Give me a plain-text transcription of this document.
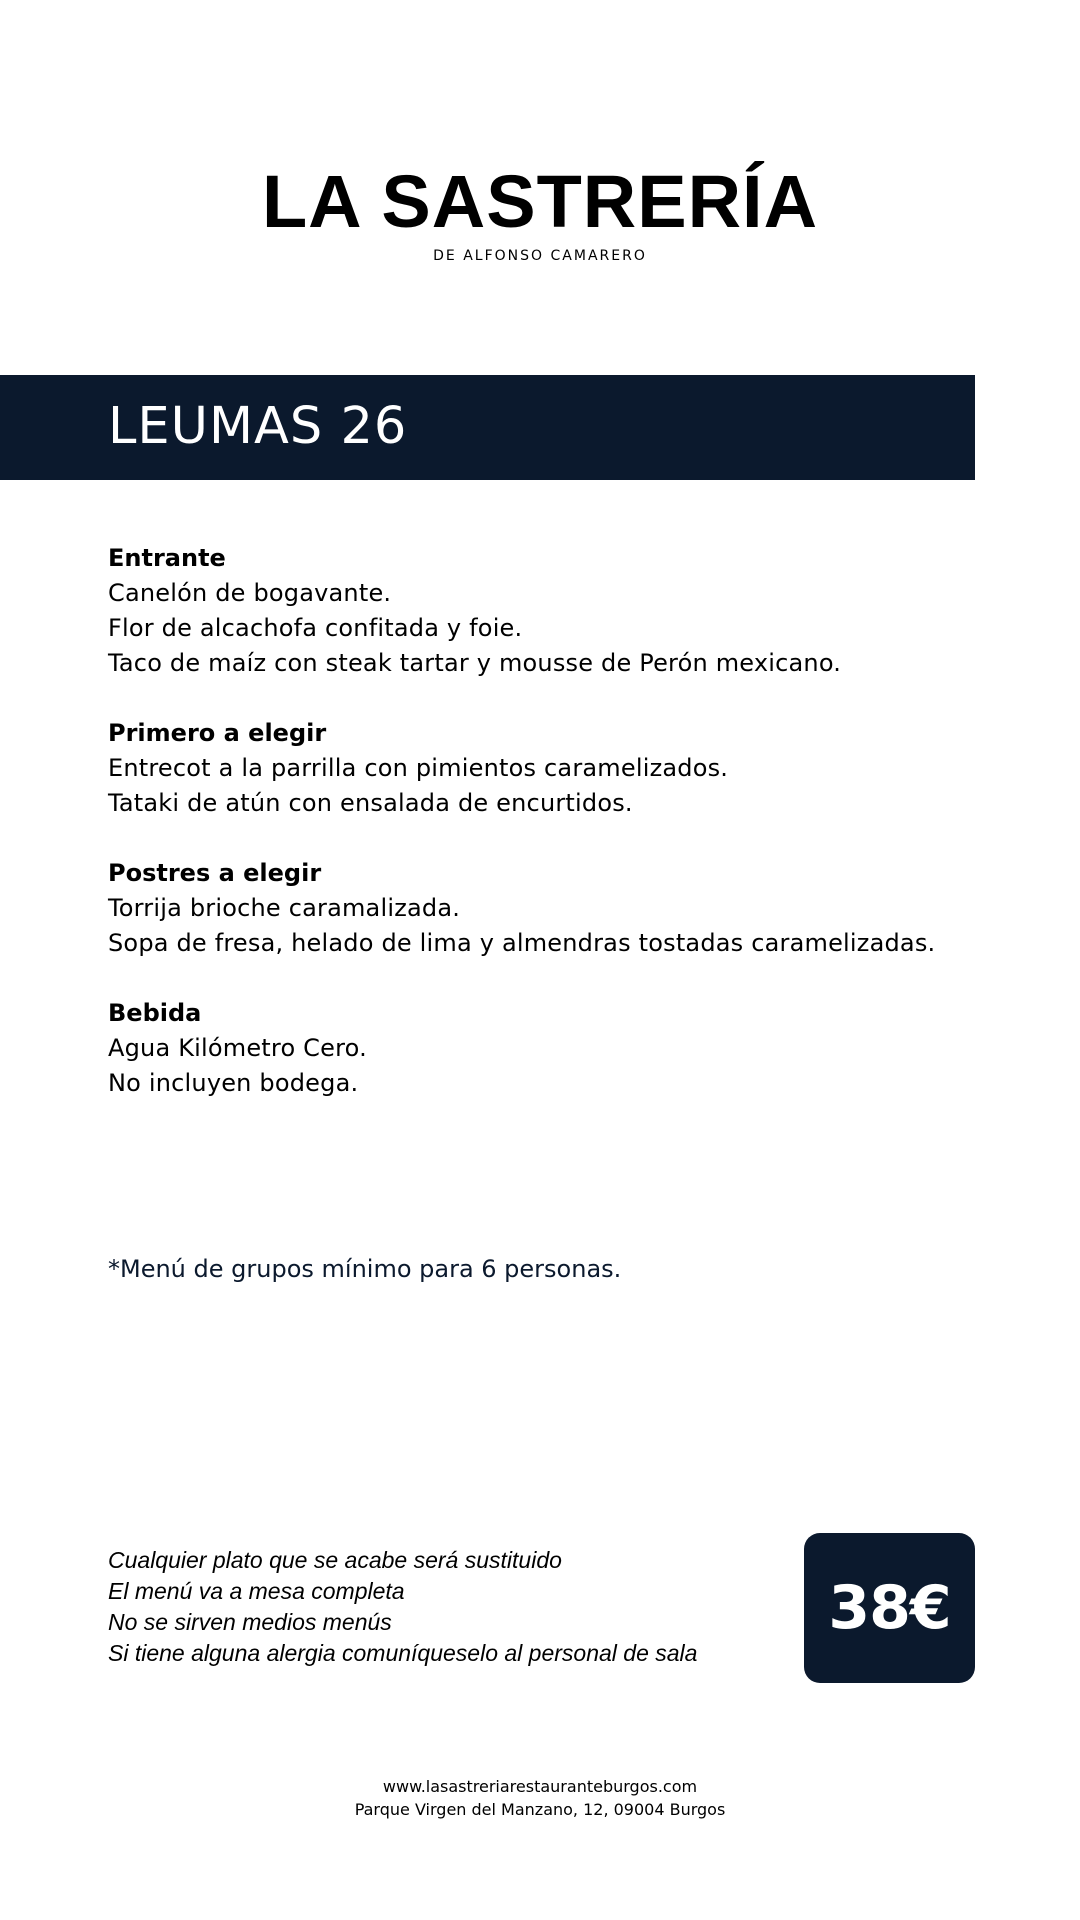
LA SASTRERÍA
DE ALFONSO CAMARERO
LEUMAS 26
Entrante
Canelón de bogavante.
Flor de alcachofa confitada y foie.
Taco de maíz con steak tartar y mousse de Perón mexicano.
Primero a elegir
Entrecot a la parrilla con pimientos caramelizados.
Tataki de atún con ensalada de encurtidos.
Postres a elegir
Torrija brioche caramalizada.
Sopa de fresa, helado de lima y almendras tostadas caramelizadas.
Bebida
Agua Kilómetro Cero.
No incluyen bodega.
*Menú de grupos mínimo para 6 personas.
Cualquier plato que se acabe será sustituido
El menú va a mesa completa
No se sirven medios menús
Si tiene alguna alergia comuníqueselo al personal de sala
38€
www.lasastreriarestauranteburgos.com
Parque Virgen del Manzano, 12, 09004 Burgos
